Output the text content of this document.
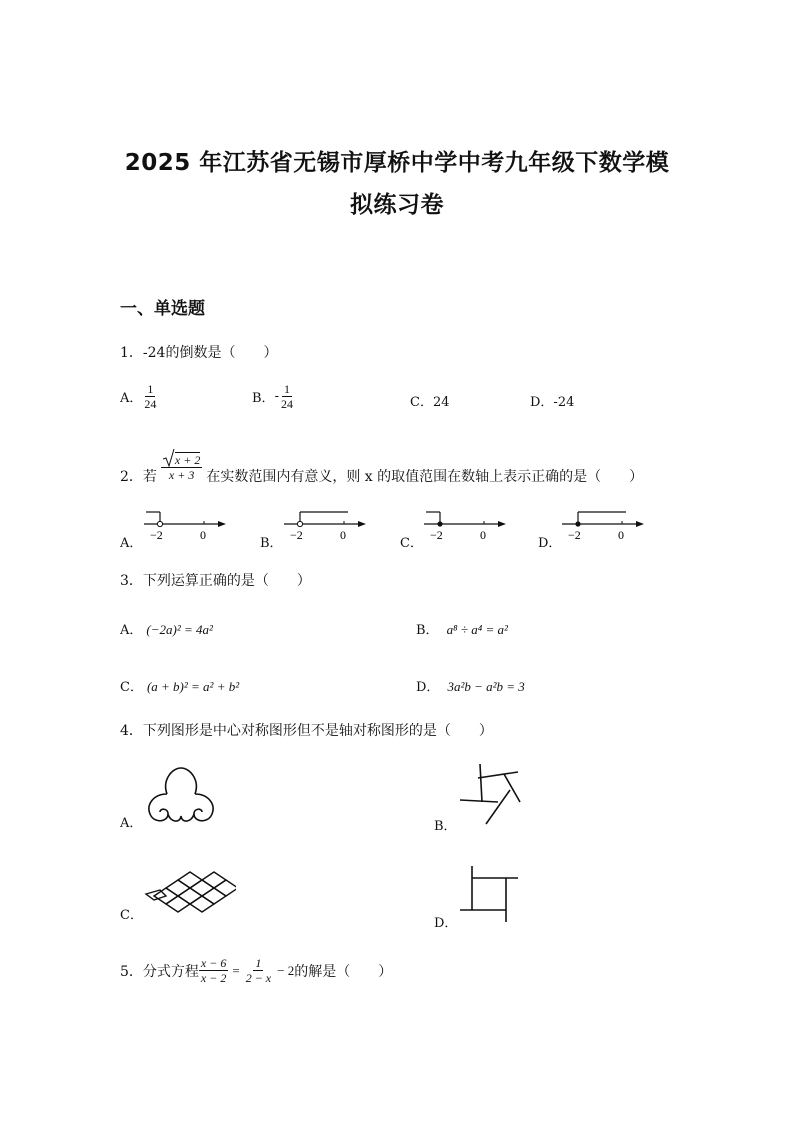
2025 年江苏省无锡市厚桥中学中考九年级下数学模
拟练习卷
一、单选题
1．-24的倒数是（　　）
A． $\frac{1}{24}$	B．- $\frac{1}{24}$	C．24	D．-24
2．若 $\frac{x + 2}{x + 3}$ 在实数范围内有意义，则 x 的取值范围在数轴上表示正确的是（　　）
A．
−2	0
B．
−2	0
C．
−2	0
D．
−2	0
3．下列运算正确的是（　　）
A． (−2a)² = 4a²	B． a⁸ ÷ a⁴ = a²
C． (a + b)² = a² + b²	D． 3a²b − a²b = 3
4．下列图形是中心对称图形但不是轴对称图形的是（　　）
A．	B．
C．
D．
5．分式方程 $\frac{x - 6}{x - 2} = \frac{1}{2 - x} - 2$ 的解是（　　）
